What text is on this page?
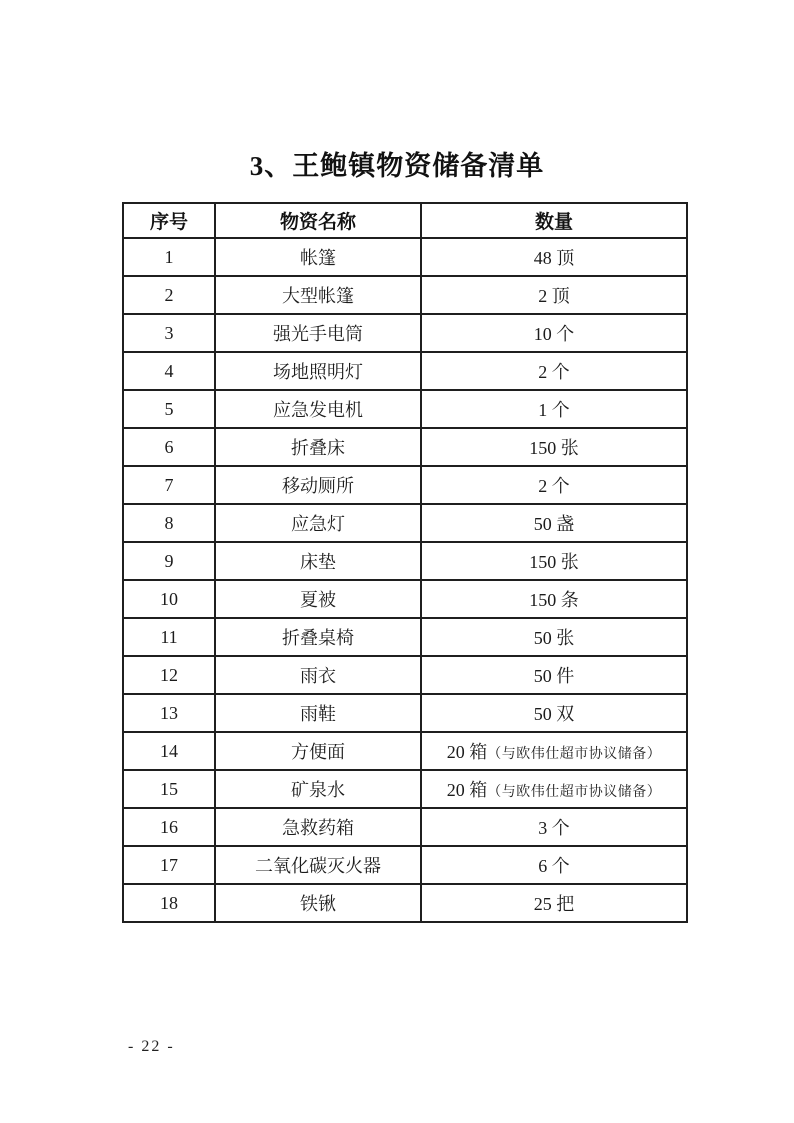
3、王鲍镇物资储备清单
序号	物资名称	数量
1	帐篷	48 顶
2	大型帐篷	2 顶
3	强光手电筒	10 个
4	场地照明灯	2 个
5	应急发电机	1 个
6	折叠床	150 张
7	移动厕所	2 个
8	应急灯	50 盏
9	床垫	150 张
10	夏被	150 条
11	折叠桌椅	50 张
12	雨衣	50 件
13	雨鞋	50 双
14	方便面	20 箱（与欧伟仕超市协议储备）
15	矿泉水	20 箱（与欧伟仕超市协议储备）
16	急救药箱	3 个
17	二氧化碳灭火器	6 个
18	铁锹	25 把
- 22 -
